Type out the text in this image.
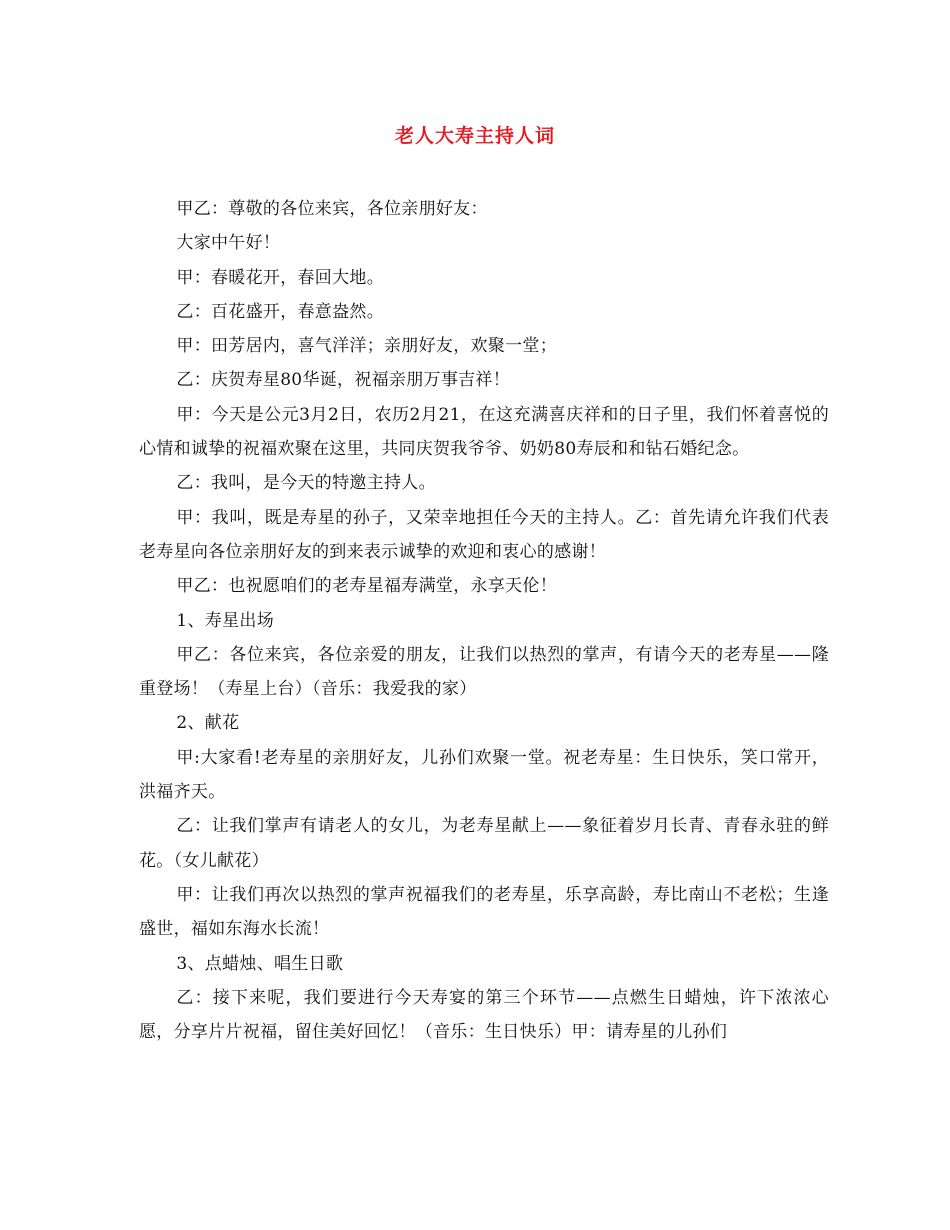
老人大寿主持人词

甲乙：尊敬的各位来宾，各位亲朋好友：

大家中午好！

甲：春暖花开，春回大地。

乙：百花盛开，春意盎然。

甲：田芳居内，喜气洋洋；亲朋好友，欢聚一堂；

乙：庆贺寿星80华诞，祝福亲朋万事吉祥！

甲：今天是公元3月2日，农历2月21，在这充满喜庆祥和的日子里，我们怀着喜悦的心情和诚挚的祝福欢聚在这里，共同庆贺我爷爷、奶奶80寿辰和和钻石婚纪念。

乙：我叫，是今天的特邀主持人。

甲：我叫，既是寿星的孙子，又荣幸地担任今天的主持人。乙：首先请允许我们代表老寿星向各位亲朋好友的到来表示诚挚的欢迎和衷心的感谢！

甲乙：也祝愿咱们的老寿星福寿满堂，永享天伦！

1、寿星出场

甲乙：各位来宾，各位亲爱的朋友，让我们以热烈的掌声，有请今天的老寿星——隆重登场！（寿星上台）（音乐：我爱我的家）

2、献花

甲:大家看!老寿星的亲朋好友，儿孙们欢聚一堂。祝老寿星：生日快乐，笑口常开，洪福齐天。

乙：让我们掌声有请老人的女儿，为老寿星献上——象征着岁月长青、青春永驻的鲜花。（女儿献花）

甲：让我们再次以热烈的掌声祝福我们的老寿星，乐享高龄，寿比南山不老松；生逢盛世，福如东海水长流！

3、点蜡烛、唱生日歌

乙：接下来呢，我们要进行今天寿宴的第三个环节——点燃生日蜡烛，许下浓浓心愿，分享片片祝福，留住美好回忆！（音乐：生日快乐）甲：请寿星的儿孙们
